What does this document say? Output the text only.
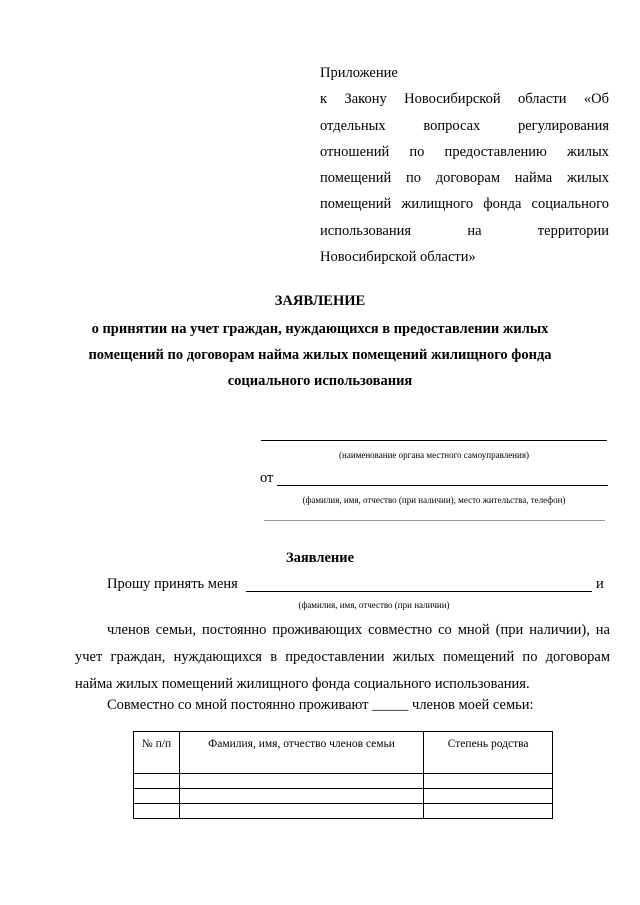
Приложение
к Закону Новосибирской области «Об
отдельных вопросах регулирования
отношений по предоставлению жилых
помещений по договорам найма жилых
помещений жилищного фонда социального
использования на территории
Новосибирской области»
ЗАЯВЛЕНИЕ
о принятии на учет граждан, нуждающихся в предоставлении жилых
помещений по договорам найма жилых помещений жилищного фонда
социального использования
(наименование органа местного самоуправления)
от
(фамилия, имя, отчество (при наличии), место жительства, телефон)
Заявление
Прошу принять меня	и
(фамилия, имя, отчество (при наличии)
членов семьи, постоянно проживающих совместно со мной (при наличии), на учет граждан, нуждающихся в предоставлении жилых помещений по договорам найма жилых помещений жилищного фонда социального использования.
Совместно со мной постоянно проживают _____ членов моей семьи:
№ п/п	Фамилия, имя, отчество членов семьи	Степень родства
